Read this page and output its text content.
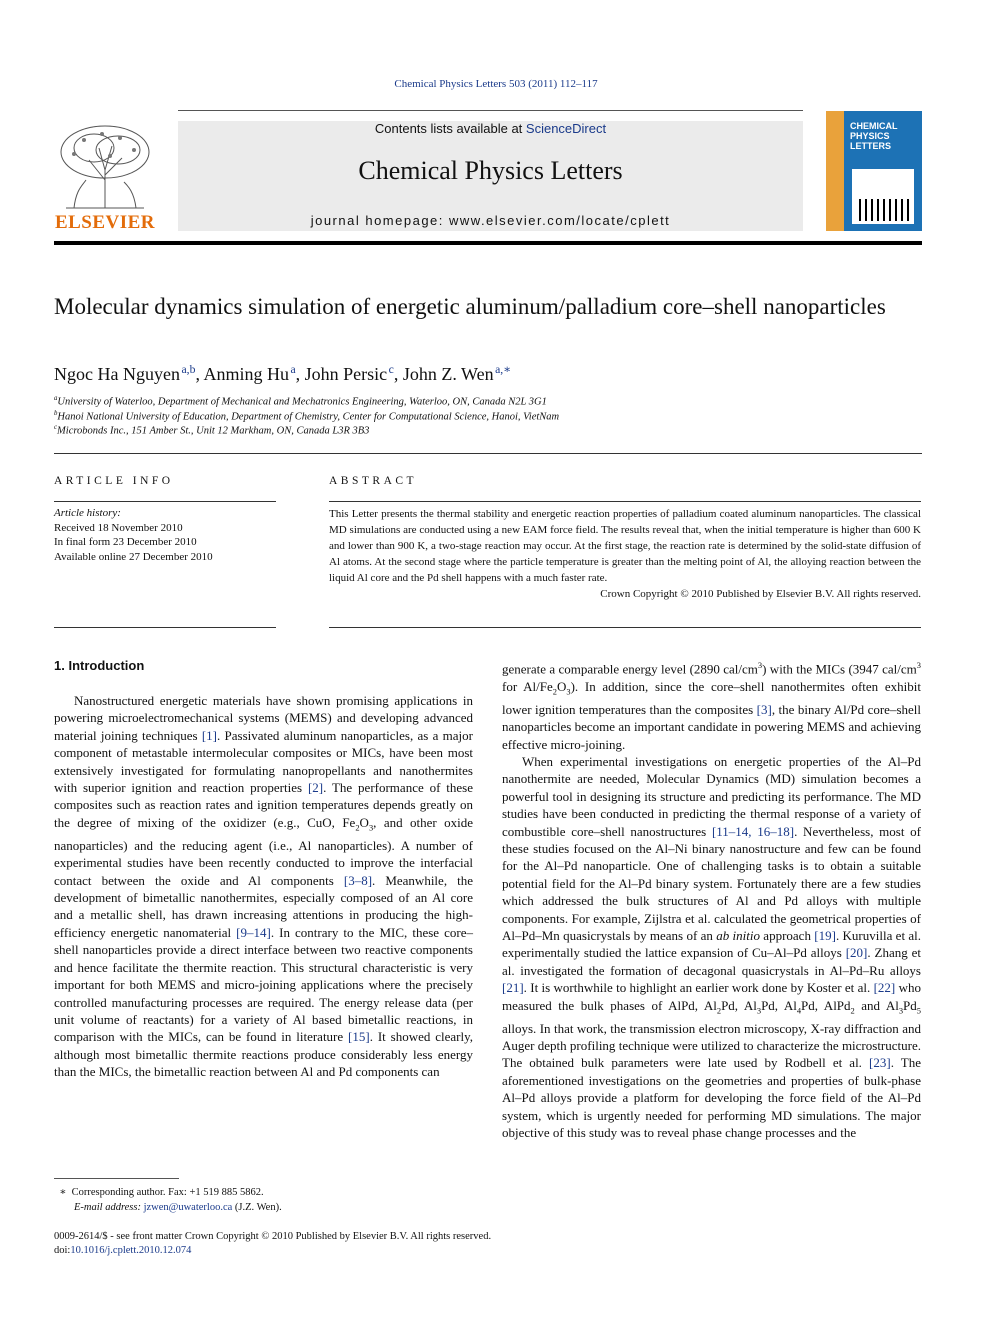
Chemical Physics Letters 503 (2011) 112–117
ELSEVIER
Contents lists available at ScienceDirect
Chemical Physics Letters
journal homepage: www.elsevier.com/locate/cplett
CHEMICAL
PHYSICS
LETTERS
Molecular dynamics simulation of energetic aluminum/palladium core–shell nanoparticles
Ngoc Ha Nguyen  $^{a,b}$, Anming Hu  $^a$, John Persic  $^c$, John Z. Wen  $^{a,∗}$
$^a$University of Waterloo, Department of Mechanical and Mechatronics Engineering, Waterloo, ON, Canada N2L 3G1
$^b$Hanoi National University of Education, Department of Chemistry, Center for Computational Science, Hanoi, VietNam
$^c$Microbonds Inc., 151 Amber St., Unit 12 Markham, ON, Canada L3R 3B3
ARTICLE INFO
Article history:
Received 18 November 2010
In final form 23 December 2010
Available online 27 December 2010
ABSTRACT
This Letter presents the thermal stability and energetic reaction properties of palladium coated aluminum nanoparticles. The classical MD simulations are conducted using a new EAM force field. The results reveal that, when the initial temperature is higher than 600 K and lower than 900 K, a two-stage reaction may occur. At the first stage, the reaction rate is determined by the solid-state diffusion of Al atoms. At the second stage where the particle temperature is greater than the melting point of Al, the alloying reaction between the liquid Al core and the Pd shell happens with a much faster rate.
Crown Copyright © 2010 Published by Elsevier B.V. All rights reserved.
1. Introduction

Nanostructured energetic materials have shown promising applications in powering microelectromechanical systems (MEMS) and developing advanced material joining techniques [1]. Passivated aluminum nanoparticles, as a major component of metastable intermolecular composites or MICs, have been most extensively investigated for formulating nanopropellants and nanothermites with superior ignition and reaction properties [2]. The performance of these composites such as reaction rates and ignition temperatures depends greatly on the degree of mixing of the oxidizer (e.g., CuO, $Fe_2O_3$, and other oxide nanoparticles) and the reducing agent (i.e., Al nanoparticles). A number of experimental studies have been recently conducted to improve the interfacial contact between the oxide and Al components [3–8]. Meanwhile, the development of bimetallic nanothermites, especially composed of an Al core and a metallic shell, has drawn increasing attentions in producing the high-efficiency energetic nanomaterial [9–14]. In contrary to the MIC, these core–shell nanoparticles provide a direct interface between two reactive components and hence facilitate the thermite reaction. This structural characteristic is very important for both MEMS and micro-joining applications where the precisely controlled manufacturing processes are required. The energy release data (per unit volume of reactants) for a variety of Al based bimetallic reactions, in comparison with the MICs, can be found in literature [15]. It showed clearly, although most bimetallic thermite reactions produce considerably less energy than the MICs, the bimetallic reaction between Al and Pd components can

generate a comparable energy level (2890 cal/$cm^3$) with the MICs (3947 cal/$cm^3$ for $Al/Fe_2O_3$). In addition, since the core–shell nanothermites often exhibit lower ignition temperatures than the composites [3], the binary Al/Pd core–shell nanoparticles become an important candidate in powering MEMS and achieving effective micro-joining.

When experimental investigations on energetic properties of the Al–Pd nanothermite are needed, Molecular Dynamics (MD) simulation becomes a powerful tool in designing its structure and predicting its performance. The MD studies have been conducted in predicting the thermal response of a variety of combustible core–shell nanostructures [11–14, 16–18]. Nevertheless, most of these studies focused on the Al–Ni binary nanostructure and few can be found for the Al–Pd nanoparticle. One of challenging tasks is to obtain a suitable potential field for the Al–Pd binary system. Fortunately there are a few studies which addressed the bulk structures of Al and Pd alloys with multiple components. For example, Zijlstra et al. calculated the geometrical properties of Al–Pd–Mn quasicrystals by means of an ab initio approach [19]. Kuruvilla et al. experimentally studied the lattice expansion of Cu–Al–Pd alloys [20]. Zhang et al. investigated the formation of decagonal quasicrystals in Al–Pd–Ru alloys [21]. It is worthwhile to highlight an earlier work done by Koster et al. [22] who measured the bulk phases of AlPd, $Al_2Pd$, $Al_3Pd$, $Al_4Pd$, AlPd$_2$ and $Al_3Pd_5$ alloys. In that work, the transmission electron microscopy, X-ray diffraction and Auger depth profiling technique were utilized to characterize the microstructure. The obtained bulk parameters were late used by Rodbell et al. [23]. The aforementioned investigations on the geometries and properties of bulk-phase Al–Pd alloys provide a platform for developing the force field of the Al–Pd system, which is urgently needed for performing MD simulations. The major objective of this study was to reveal phase change processes and the

∗ Corresponding author. Fax: +1 519 885 5862.
E-mail address: jzwen@uwaterloo.ca (J.Z. Wen).
0009-2614/$ - see front matter Crown Copyright © 2010 Published by Elsevier B.V. All rights reserved.
doi:10.1016/j.cplett.2010.12.074
